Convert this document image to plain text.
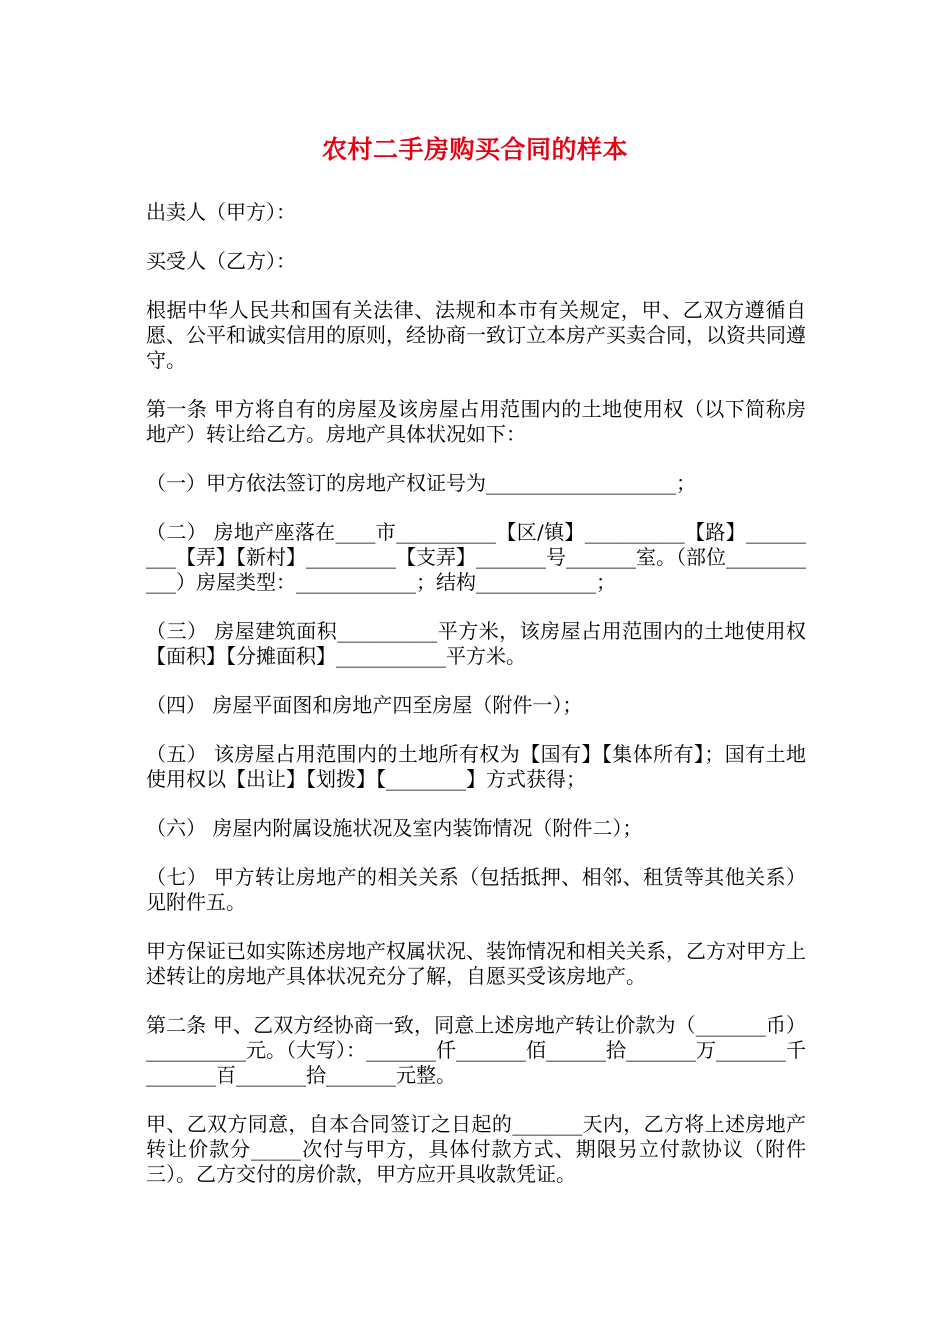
农村二手房购买合同的样本

出卖人（甲方）：

买受人（乙方）：

根据中华人民共和国有关法律、法规和本市有关规定，甲、乙双方遵循自愿、公平和诚实信用的原则，经协商一致订立本房产买卖合同，以资共同遵守。

第一条 甲方将自有的房屋及该房屋占用范围内的土地使用权（以下简称房地产）转让给乙方。房地产具体状况如下：

（一）甲方依法签订的房地产权证号为___________________；

（二） 房地产座落在____市__________【区/镇】__________【路】_________【弄】【新村】_________【支弄】_______号_______室。（部位___________）房屋类型：____________；结构____________；

（三） 房屋建筑面积__________平方米，该房屋占用范围内的土地使用权【面积】【分摊面积】___________平方米。

（四） 房屋平面图和房地产四至房屋（附件一）；

（五） 该房屋占用范围内的土地所有权为【国有】【集体所有】；国有土地使用权以【出让】【划拨】【________】方式获得；

（六） 房屋内附属设施状况及室内装饰情况（附件二）；

（七） 甲方转让房地产的相关关系（包括抵押、相邻、租赁等其他关系）见附件五。

甲方保证已如实陈述房地产权属状况、装饰情况和相关关系，乙方对甲方上述转让的房地产具体状况充分了解，自愿买受该房地产。

第二条 甲、乙双方经协商一致，同意上述房地产转让价款为（_______币）__________元。（大写）：_______仟_______佰______拾_______万_______千_______百_______拾_______元整。

甲、乙双方同意，自本合同签订之日起的_______天内，乙方将上述房地产转让价款分_____次付与甲方，具体付款方式、期限另立付款协议（附件三）。乙方交付的房价款，甲方应开具收款凭证。
